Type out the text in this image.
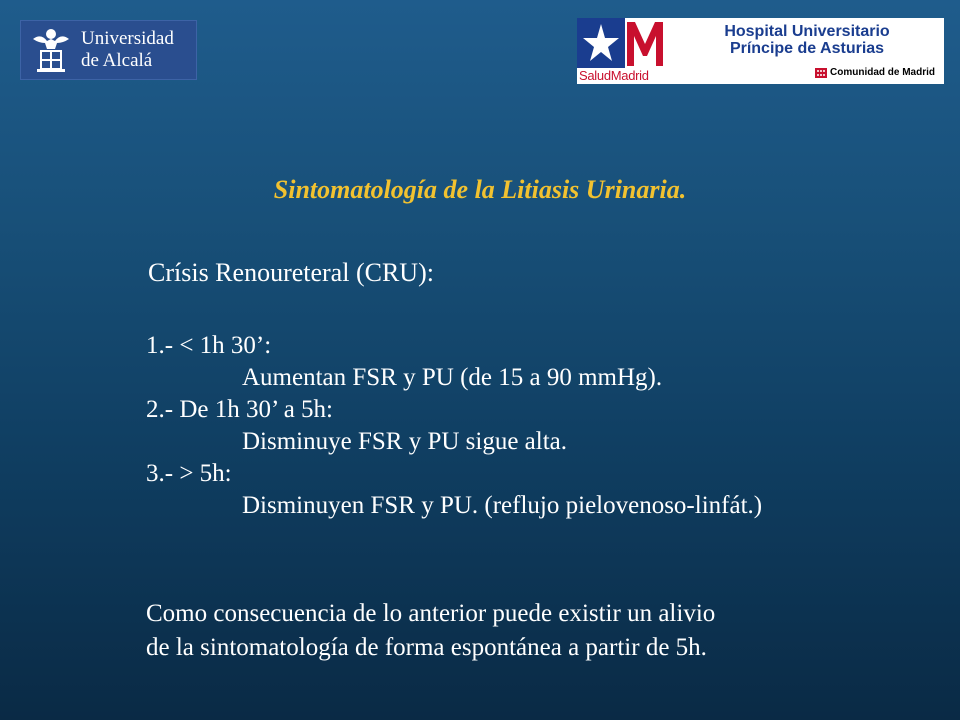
Universidad
de Alcalá
SaludMadrid
Hospital Universitario
Príncipe de Asturias
Comunidad de Madrid
Sintomatología de la Litiasis Urinaria.
Crísis Renoureteral (CRU):
1.- < 1h 30’:
Aumentan FSR y PU (de 15 a 90 mmHg).
2.- De 1h 30’ a 5h:
Disminuye FSR y PU sigue alta.
3.- > 5h:
Disminuyen FSR y PU. (reflujo pielovenoso-linfát.)
Como consecuencia de lo anterior puede existir un alivio
de la sintomatología de forma espontánea a partir de 5h.
